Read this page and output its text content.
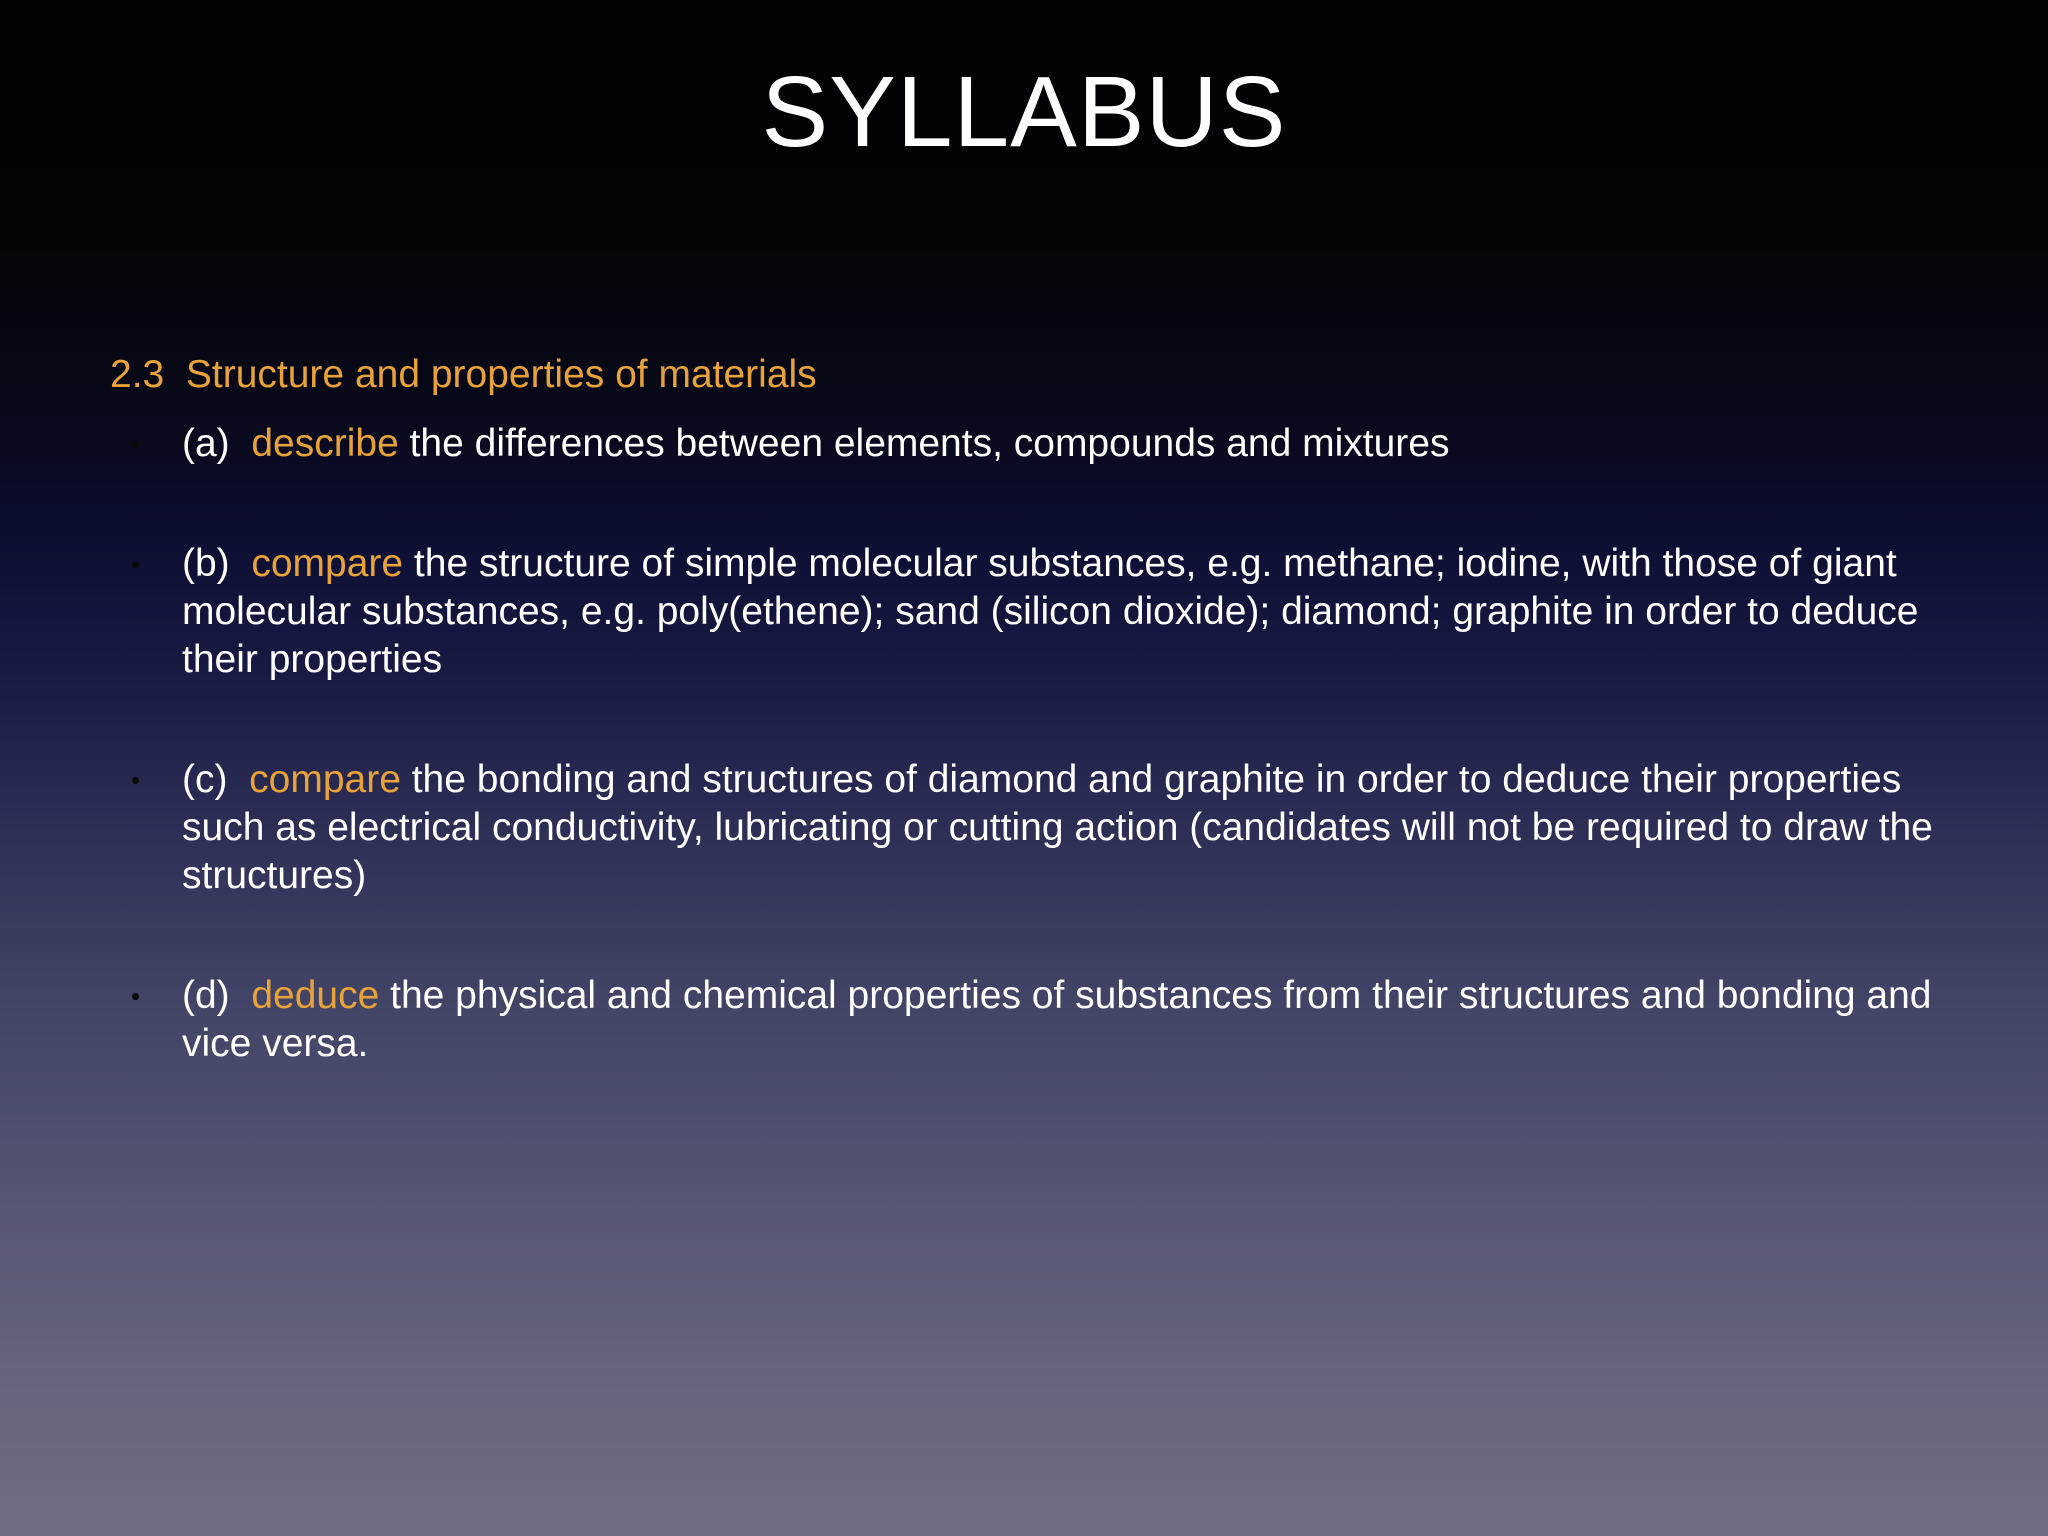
SYLLABUS

2.3  Structure and properties of materials

(a)  describe the differences between elements, compounds and mixtures
(b)  compare the structure of simple molecular substances, e.g. methane; iodine, with those of giant molecular substances, e.g. poly(ethene); sand (silicon dioxide); diamond; graphite in order to deduce their properties
(c)  compare the bonding and structures of diamond and graphite in order to deduce their properties such as electrical conductivity, lubricating or cutting action (candidates will not be required to draw the structures)
(d)  deduce the physical and chemical properties of substances from their structures and bonding and vice versa.
